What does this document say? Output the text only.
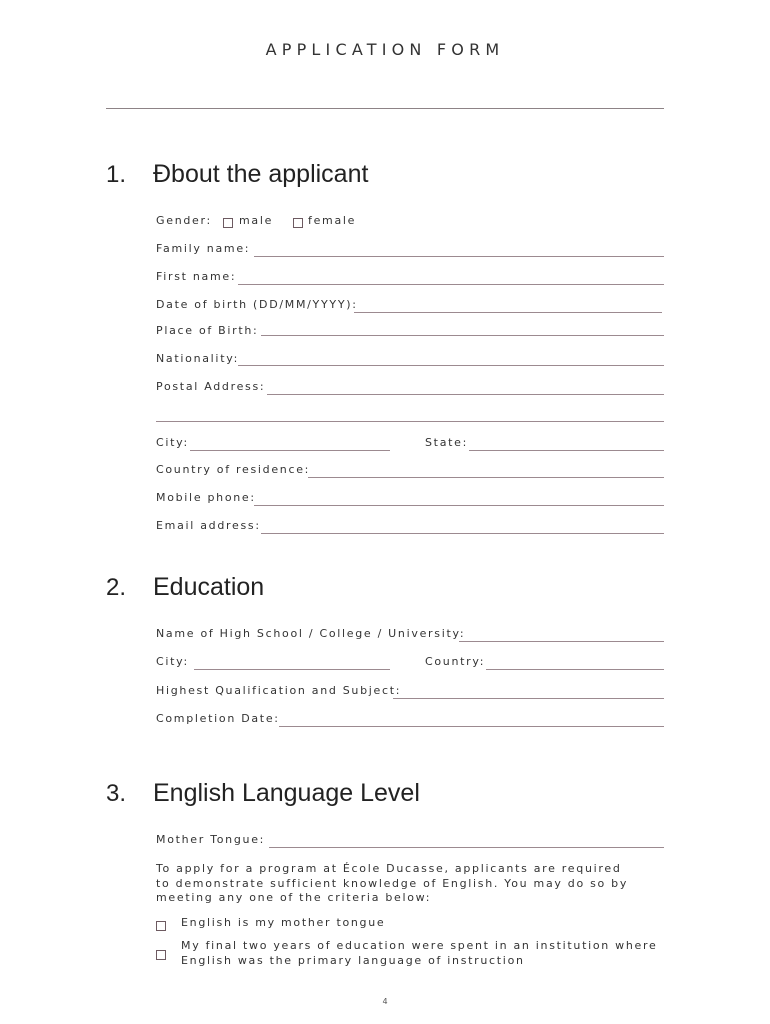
APPLICATION FORM
1. Đbout the applicant
Gender: male	female
Family name:
First name:
Date of birth (DD/MM/YYYY):
Place of Birth:
Nationality:
Postal Address:
City:	State:
Country of residence:
Mobile phone:
Email address:
2. Education
Name of High School / College / University:
City:	Country:
Highest Qualification and Subject:
Completion Date:
3. English Language Level
Mother Tongue:
To apply for a program at École Ducasse, applicants are required
to demonstrate sufficient knowledge of English. You may do so by
meeting any one of the criteria below:
English is my mother tongue
My final two years of education were spent in an institution where
English was the primary language of instruction
4
